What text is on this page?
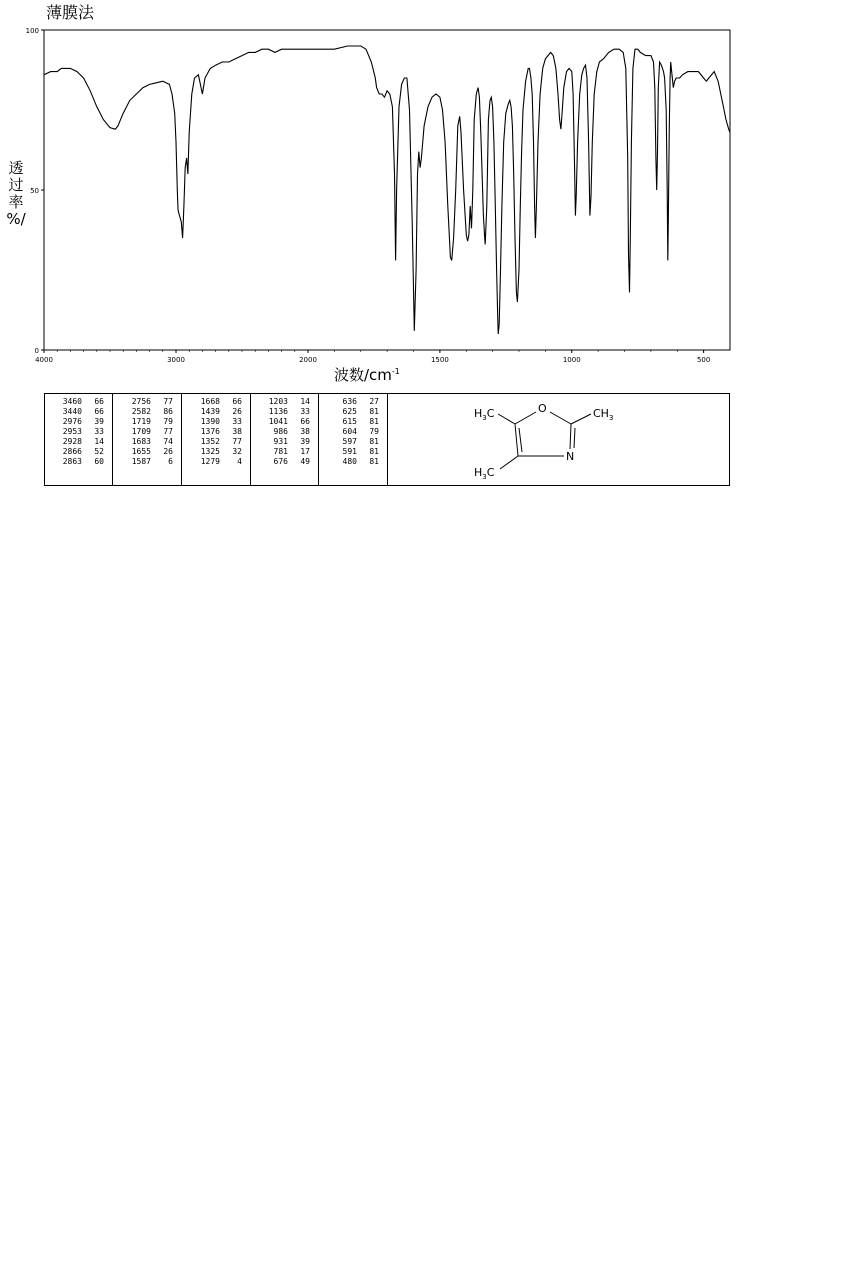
薄膜法
透
过
率
%/
4000	3000	2000	1500	1000	500
0
50
100
波数$/cm^{-1}$
3460	66
3440	66
2976	39
2953	33
2928	14
2866	52
2863	60
2756	77
2582	86
1719	79
1709	77
1683	74
1655	26
1587	6
1668	66
1439	26
1390	33
1376	38
1352	77
1325	32
1279	4
1203	14
1136	33
1041	66
986	38
931	39
781	17
676	49
636	27
625	81
615	81
604	79
597	81
591	81
480	81
$H_3C$	O	$CH_3$
N
$H_3C$
